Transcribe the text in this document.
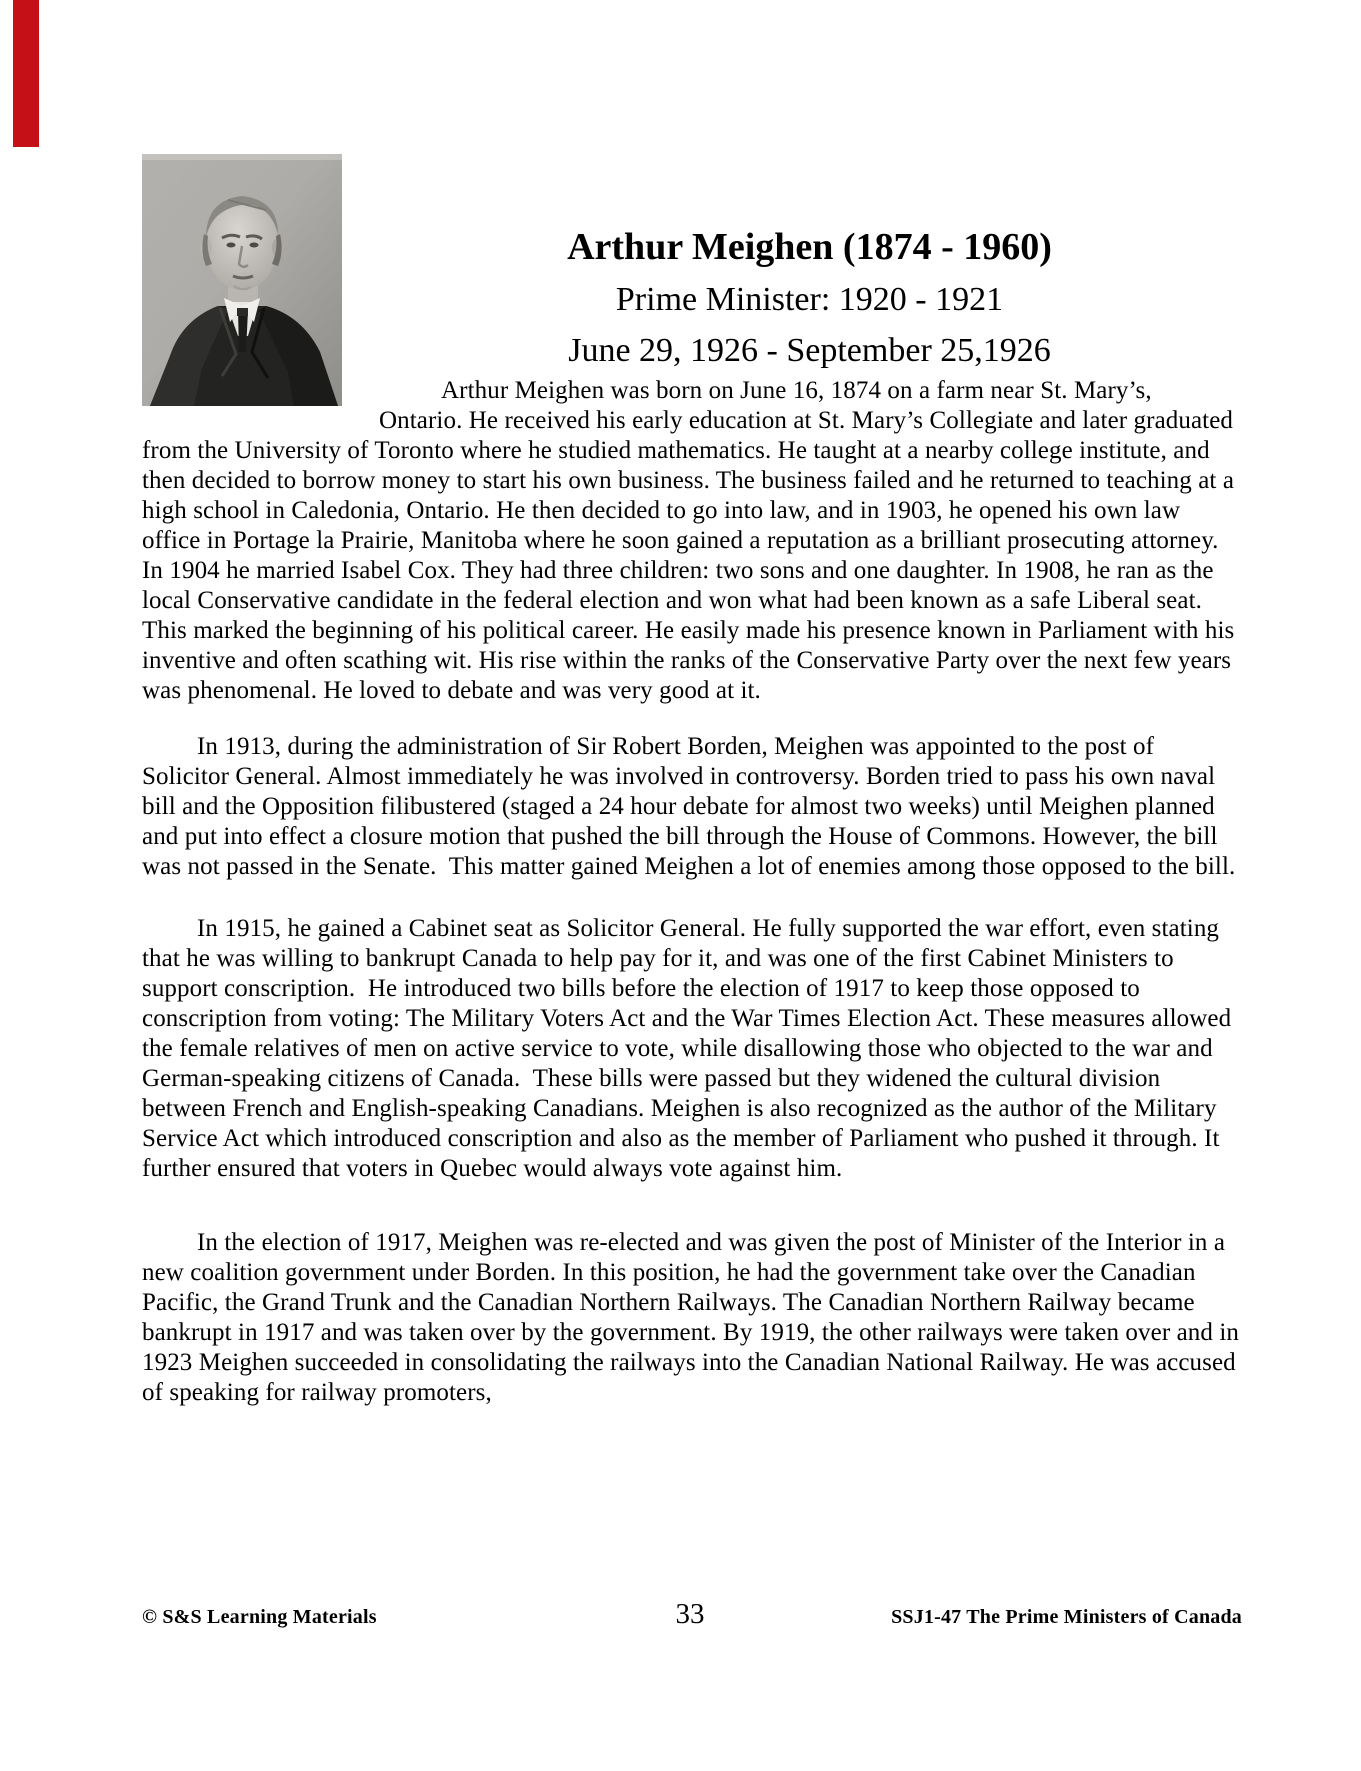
Arthur Meighen (1874 - 1960)
Prime Minister: 1920 - 1921
June 29, 1926 - September 25,1926

Arthur Meighen was born on June 16, 1874 on a farm near St. Mary’s, Ontario. He received his early education at St. Mary’s Collegiate and later graduated from the University of Toronto where he studied mathematics. He taught at a nearby college institute, and then decided to borrow money to start his own business. The business failed and he returned to teaching at a high school in Caledonia, Ontario. He then decided to go into law, and in 1903, he opened his own law office in Portage la Prairie, Manitoba where he soon gained a reputation as a brilliant prosecuting attorney. In 1904 he married Isabel Cox. They had three children: two sons and one daughter. In 1908, he ran as the local Conservative candidate in the federal election and won what had been known as a safe Liberal seat. This marked the beginning of his political career. He easily made his presence known in Parliament with his inventive and often scathing wit. His rise within the ranks of the Conservative Party over the next few years was phenomenal. He loved to debate and was very good at it.

In 1913, during the administration of Sir Robert Borden, Meighen was appointed to the post of Solicitor General. Almost immediately he was involved in controversy. Borden tried to pass his own naval bill and the Opposition filibustered (staged a 24 hour debate for almost two weeks) until Meighen planned and put into effect a closure motion that pushed the bill through the House of Commons. However, the bill was not passed in the Senate.  This matter gained Meighen a lot of enemies among those opposed to the bill.

In 1915, he gained a Cabinet seat as Solicitor General. He fully supported the war effort, even stating that he was willing to bankrupt Canada to help pay for it, and was one of the first Cabinet Ministers to support conscription.  He introduced two bills before the election of 1917 to keep those opposed to conscription from voting: The Military Voters Act and the War Times Election Act. These measures allowed the female relatives of men on active service to vote, while disallowing those who objected to the war and German-speaking citizens of Canada.  These bills were passed but they widened the cultural division between French and English-speaking Canadians. Meighen is also recognized as the author of the Military Service Act which introduced conscription and also as the member of Parliament who pushed it through. It further ensured that voters in Quebec would always vote against him.

In the election of 1917, Meighen was re-elected and was given the post of Minister of the Interior in a new coalition government under Borden. In this position, he had the government take over the Canadian Pacific, the Grand Trunk and the Canadian Northern Railways. The Canadian Northern Railway became bankrupt in 1917 and was taken over by the government. By 1919, the other railways were taken over and in 1923 Meighen succeeded in consolidating the railways into the Canadian National Railway. He was accused of speaking for railway promoters,

© S&S Learning Materials	33	SSJ1-47 The Prime Ministers of Canada
